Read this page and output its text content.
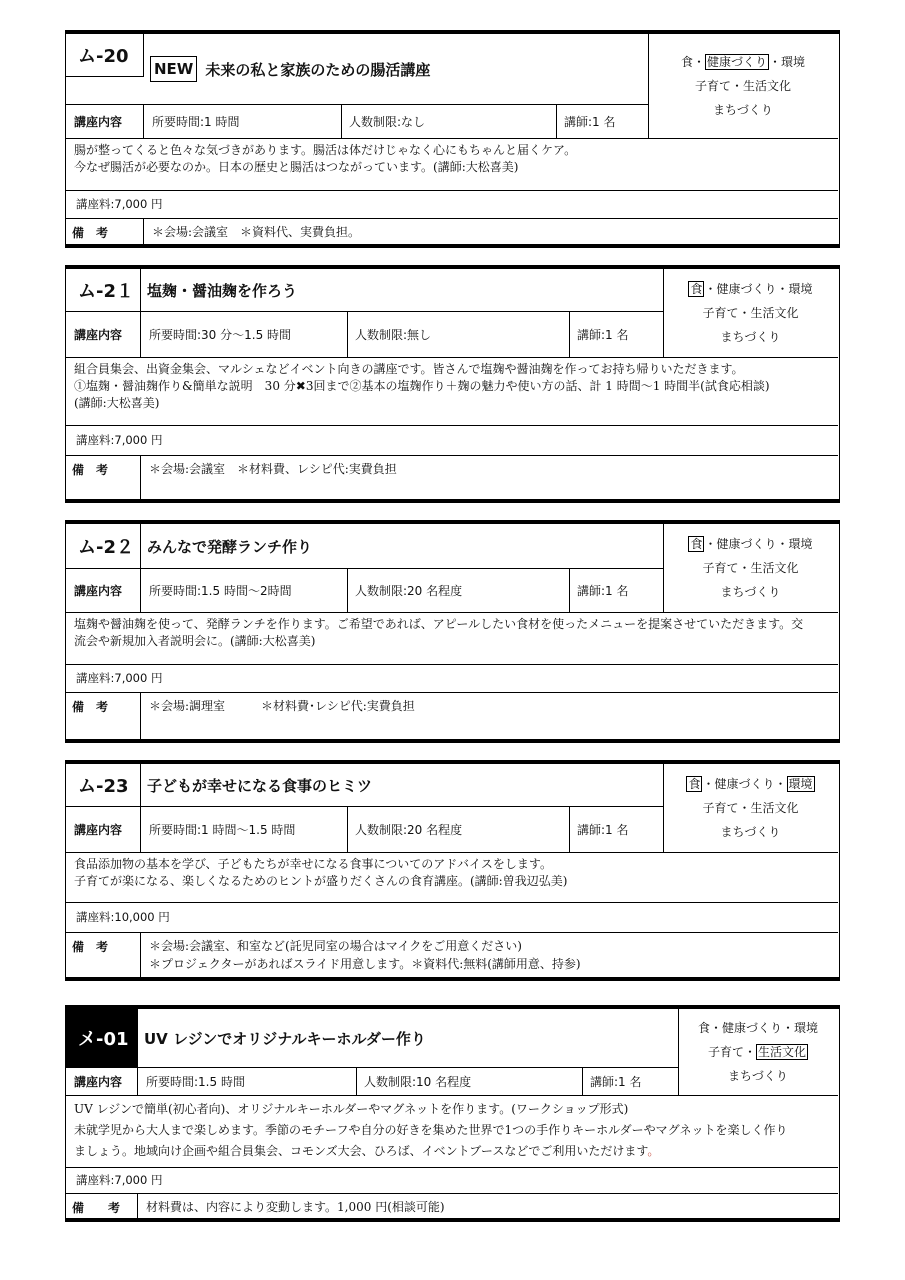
ム-20
NEW 未来の私と家族のための腸活講座	食・ 健康づくり ・環境
子育て・生活文化
まちづくり
講座内容	所要時間:1 時間	人数制限:なし	講師:1 名
腸が整ってくると色々な気づきがあります。腸活は体だけじゃなく心にもちゃんと届くケア。
今なぜ腸活が必要なのか。日本の歴史と腸活はつながっています。(講師:大松喜美)
講座料:7,000 円
備　考	＊会場:会議室　＊資料代、実費負担。
ム-2１ 塩麹・醤油麹を作ろう	食 ・健康づくり・環境
子育て・生活文化
まちづくり
講座内容	所要時間:30 分～1.5 時間	人数制限:無し	講師:1 名
組合員集会、出資金集会、マルシェなどイベント向きの講座です。皆さんで塩麹や醤油麹を作ってお持ち帰りいただきます。
①塩麹・醤油麹作り&簡単な説明　30 分✖3回まで②基本の塩麹作り＋麹の魅力や使い方の話、計 1 時間～1 時間半(試食応相談)
(講師:大松喜美)
講座料:7,000 円
備　考	＊会場:会議室　＊材料費、レシピ代:実費負担
ム-2２ みんなで発酵ランチ作り	食 ・健康づくり・環境
子育て・生活文化
まちづくり
講座内容	所要時間:1.5 時間～2時間	人数制限:20 名程度	講師:1 名
塩麹や醤油麹を使って、発酵ランチを作ります。ご希望であれば、アピールしたい食材を使ったメニューを提案させていただきます。交
流会や新規加入者説明会に。(講師:大松喜美)
講座料:7,000 円
備　考	＊会場:調理室　　　＊材料費･レシピ代:実費負担
ム-23	子どもが幸せになる食事のヒミツ	食 ・健康づくり・ 環境
子育て・生活文化
まちづくり
講座内容	所要時間:1 時間～1.5 時間	人数制限:20 名程度	講師:1 名
食品添加物の基本を学び、子どもたちが幸せになる食事についてのアドバイスをします。
子育てが楽になる、楽しくなるためのヒントが盛りだくさんの食育講座。(講師:曽我辺弘美)
講座料:10,000 円
備　考	＊会場:会議室、和室など(託児同室の場合はマイクをご用意ください)
＊プロジェクターがあればスライド用意します。＊資料代:無料(講師用意、持参)
メ-01	UV レジンでオリジナルキーホルダー作り
食・健康づくり・環境
子育て・ 生活文化
まちづくり
講座内容	所要時間:1.5 時間	人数制限:10 名程度	講師:1 名
UV レジンで簡単(初心者向)、オリジナルキーホルダーやマグネットを作ります。(ワークショップ形式)
未就学児から大人まで楽しめます。季節のモチーフや自分の好きを集めた世界で1つの手作りキーホルダーやマグネットを楽しく作り
ましょう。地域向け企画や組合員集会、コモンズ大会、ひろば、イベントブースなどでご利用いただけます。
講座料:7,000 円
備　　考	材料費は、内容により変動します。1,000 円(相談可能)
